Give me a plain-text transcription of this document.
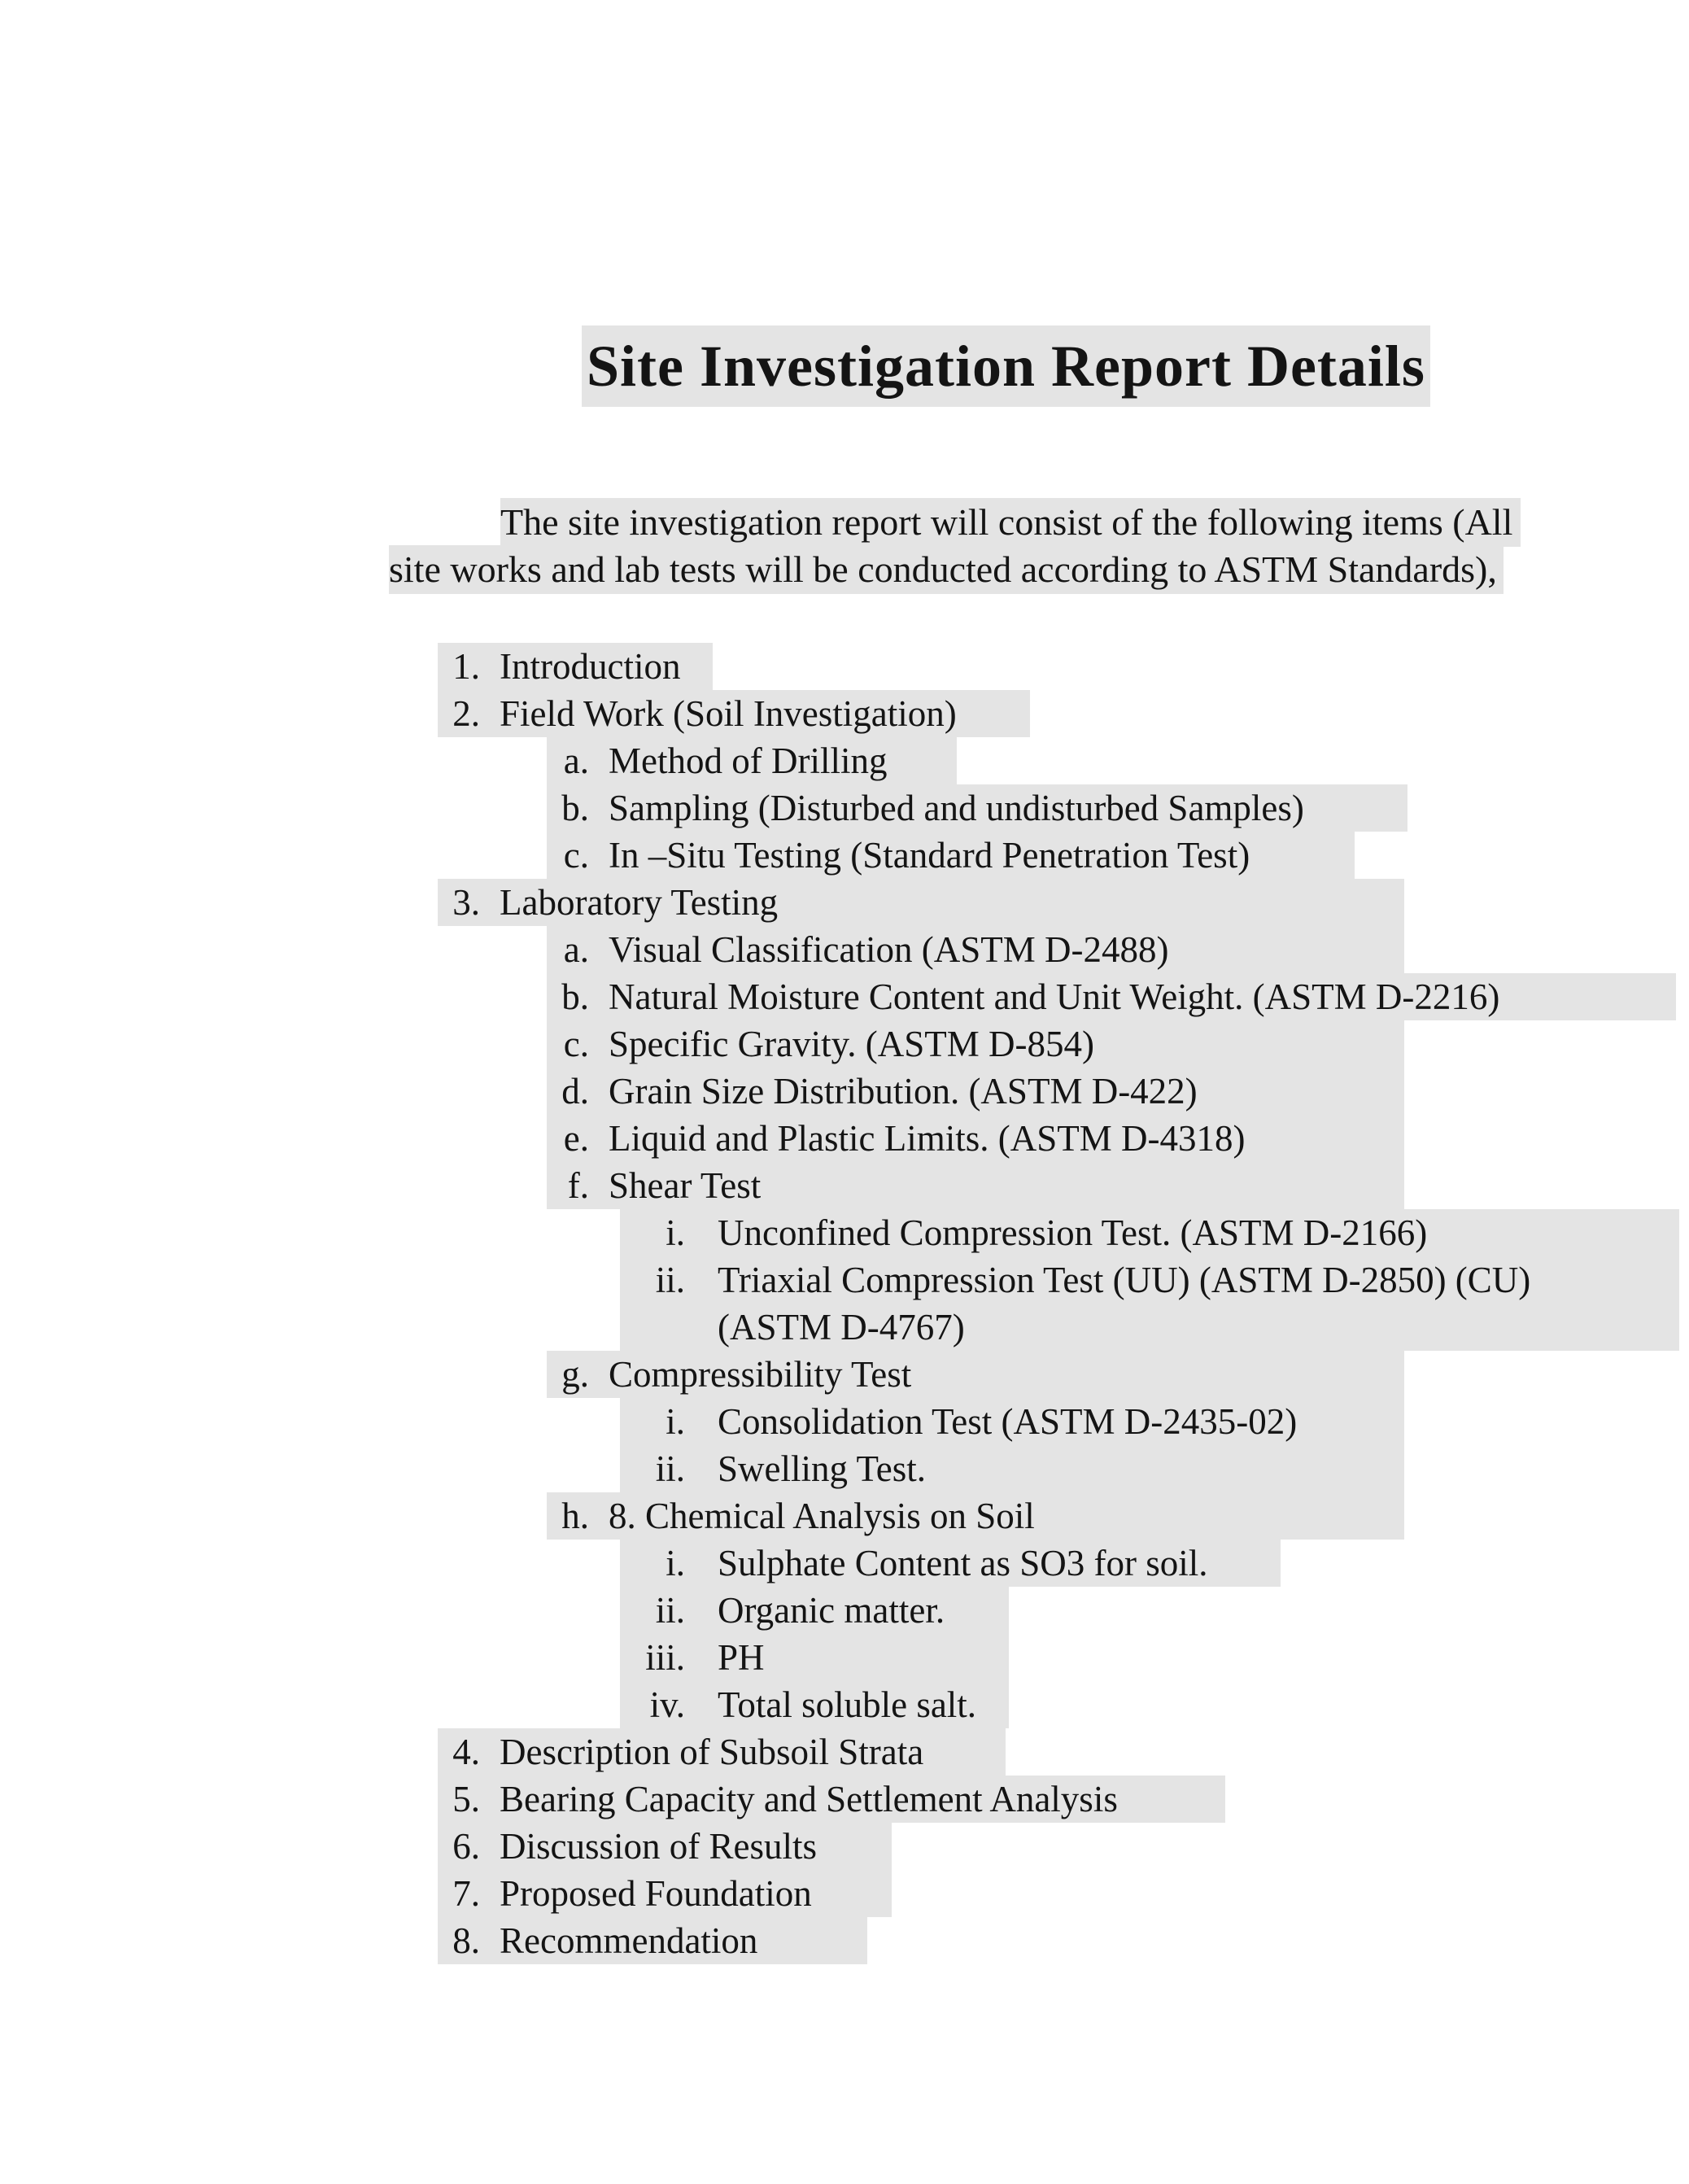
Site Investigation Report Details
The site investigation report will consist of the following items (All
site works and lab tests will be conducted according to ASTM Standards),
1. Introduction
2. Field Work (Soil Investigation)
a. Method of Drilling
b. Sampling (Disturbed and undisturbed Samples)
c. In –Situ Testing (Standard Penetration Test)
3. Laboratory Testing
a. Visual Classification (ASTM D-2488)
b. Natural Moisture Content and Unit Weight. (ASTM D-2216)
c. Specific Gravity. (ASTM D-854)
d. Grain Size Distribution. (ASTM D-422)
e. Liquid and Plastic Limits. (ASTM D-4318)
f. Shear Test
i. Unconfined Compression Test. (ASTM D-2166)
ii. Triaxial Compression Test (UU) (ASTM D-2850) (CU)
(ASTM D-4767)
g. Compressibility Test
i. Consolidation Test (ASTM D-2435-02)
ii. Swelling Test.
h. 8. Chemical Analysis on Soil
i. Sulphate Content as SO3 for soil.
ii. Organic matter.
iii. PH
iv. Total soluble salt.
4. Description of Subsoil Strata
5. Bearing Capacity and Settlement Analysis
6. Discussion of Results
7. Proposed Foundation
8. Recommendation
